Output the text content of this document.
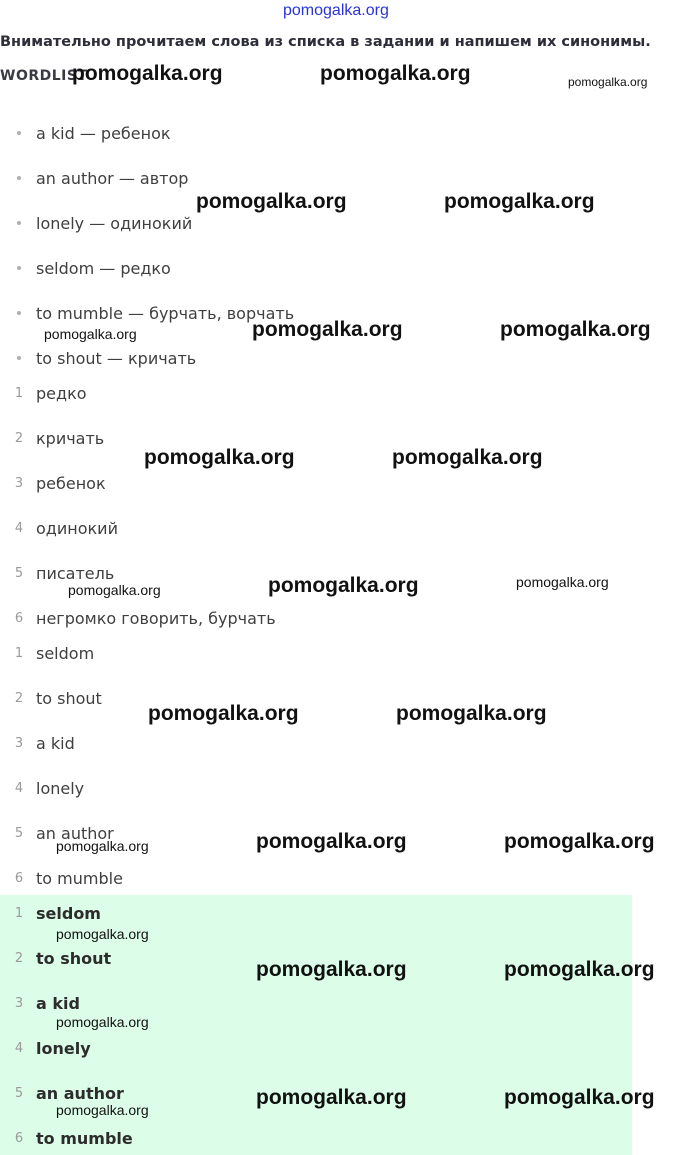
pomogalka.org
Внимательно прочитаем слова из списка в задании и напишем их синонимы.
WORDLIST
a kid — ребенок
an author — автор
lonely — одинокий
seldom — редко
to mumble — бурчать, ворчать
to shout — кричать
1 редко
2 кричать
3 ребенок
4 одинокий
5 писатель
6 негромко говорить, бурчать
1 seldom
2 to shout
3 a kid
4 lonely
5 an author
6 to mumble
1 seldom
2 to shout
3 a kid
4 lonely
5 an author
6 to mumble
pomogalka.org	pomogalka.org	pomogalka.org
pomogalka.org	pomogalka.org
pomogalka.org	pomogalka.org	pomogalka.org
pomogalka.org	pomogalka.org
pomogalka.org	pomogalka.org	pomogalka.org
pomogalka.org	pomogalka.org
pomogalka.org	pomogalka.org	pomogalka.org
pomogalka.org
pomogalka.org	pomogalka.org
pomogalka.org
pomogalka.org
pomogalka.org	pomogalka.org
